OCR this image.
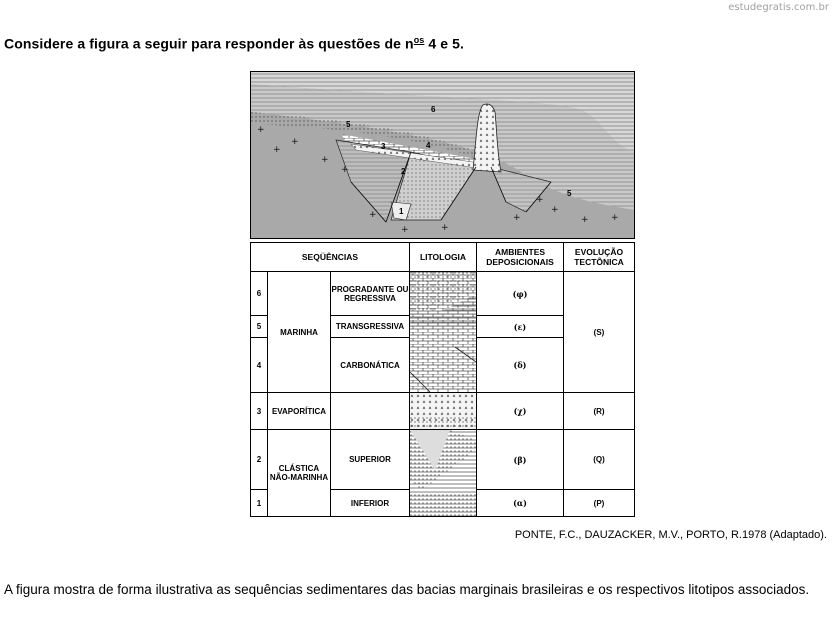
estudegratis.com.br
Considere a figura a seguir para responder às questões de $n^{os}$ 4 e 5.
+
+
+
+
+
+
+	+
+
+
+
+ +
6
5
4
3
2
1
5
SEQÜÊNCIAS			LITOLOGIA	AMBIENTES DEPOSICIONAIS	EVOLUÇÃO TECTÔNICA
6	MARINHA	PROGRADANTE OU REGRESSIVA		(φ)	(S)
5		TRANSGRESSIVA		(ε)	
4		CARBONÁTICA		(δ)	
3	EVAPORÍTICA			(χ)	(R)
2	CLÁSTICA NÃO-MARINHA	SUPERIOR		(β)	(Q)
1		INFERIOR		(α)	(P)
PONTE, F.C., DAUZACKER, M.V., PORTO, R.1978 (Adaptado).
A figura mostra de forma ilustrativa as sequências sedimentares das bacias marginais brasileiras e os respectivos litotipos associados.
